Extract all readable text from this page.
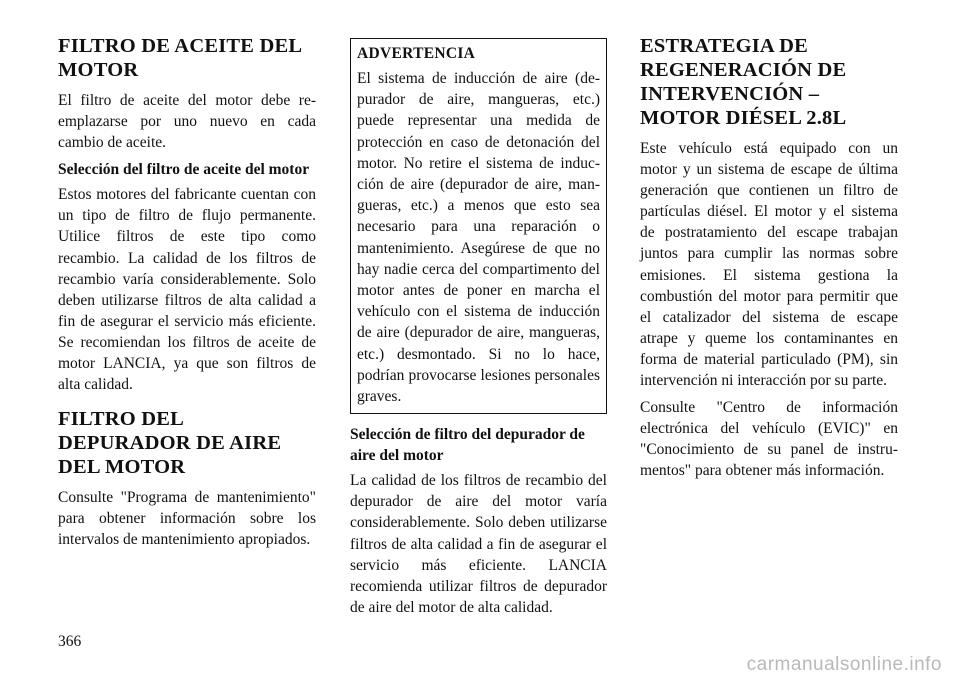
FILTRO DE ACEITE DEL MOTOR

El filtro de aceite del motor debe reemplazarse por uno nuevo en cada cambio de aceite.

Selección del filtro de aceite del motor

Estos motores del fabricante cuentan con un tipo de filtro de flujo permanente. Utilice filtros de este tipo como recambio. La calidad de los filtros de recambio varía considerablemente. Solo deben utilizarse filtros de alta calidad a fin de asegurar el servicio más eficiente. Se recomiendan los filtros de aceite de motor LANCIA, ya que son filtros de alta calidad.

FILTRO DEL DEPURADOR DE AIRE DEL MOTOR

Consulte "Programa de mantenimiento" para obtener información sobre los intervalos de mantenimiento apropiados.

ADVERTENCIA

El sistema de inducción de aire (depurador de aire, mangueras, etc.) puede representar una medida de protección en caso de detonación del motor. No retire el sistema de inducción de aire (depurador de aire, mangueras, etc.) a menos que esto sea necesario para una reparación o mantenimiento. Asegúrese de que no hay nadie cerca del compartimento del motor antes de poner en marcha el vehículo con el sistema de inducción de aire (depurador de aire, mangueras, etc.) desmontado. Si no lo hace, podrían provocarse lesiones personales graves.

Selección de filtro del depurador de aire del motor

La calidad de los filtros de recambio del depurador de aire del motor varía considerablemente. Solo deben utilizarse filtros de alta calidad a fin de asegurar el servicio más eficiente. LANCIA recomienda utilizar filtros de depurador de aire del motor de alta calidad.

ESTRATEGIA DE REGENERACIÓN DE INTERVENCIÓN – MOTOR DIÉSEL 2.8L

Este vehículo está equipado con un motor y un sistema de escape de última generación que contienen un filtro de partículas diésel. El motor y el sistema de postratamiento del escape trabajan juntos para cumplir las normas sobre emisiones. El sistema gestiona la combustión del motor para permitir que el catalizador del sistema de escape atrape y queme los contaminantes en forma de material particulado (PM), sin intervención ni interacción por su parte.

Consulte "Centro de información electrónica del vehículo (EVIC)" en "Conocimiento de su panel de instrumentos" para obtener más información.

366
carmanualsonline.info
